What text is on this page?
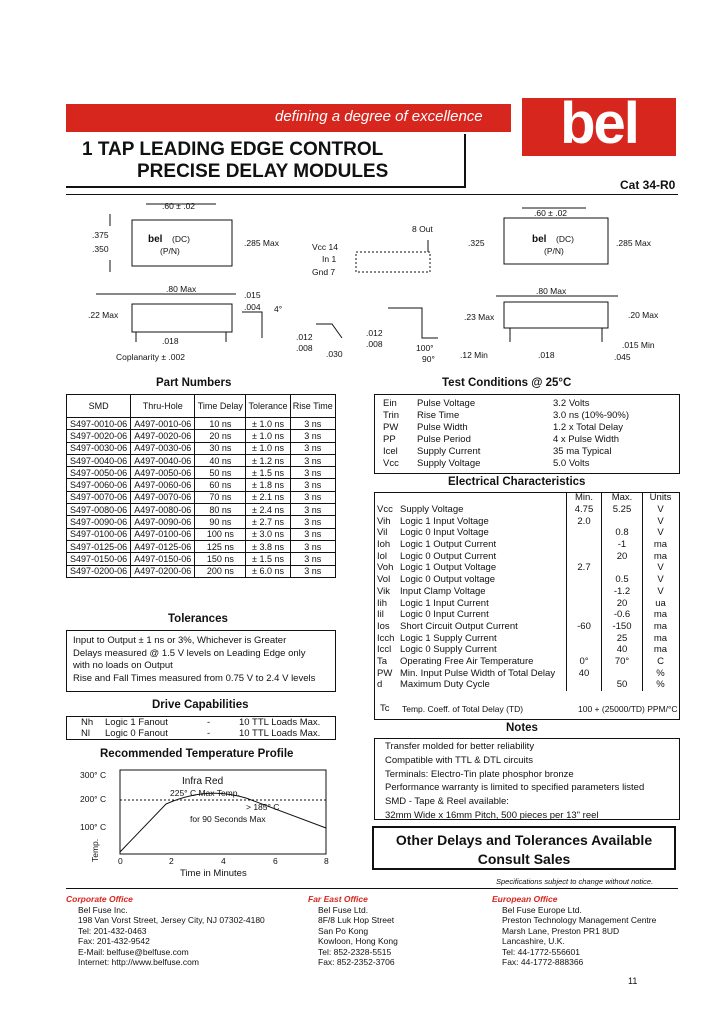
defining a degree of excellence	bel
1 TAP LEADING EDGE CONTROL
PRECISE DELAY MODULES
Cat 34-R0
.60 ± .02
.375
.350
bel (DC)
(P/N)
.285 Max
.80 Max
.22 Max
.018
Coplanarity ± .002
8 Out
Vcc 14
In 1
Gnd 7
.015
.004 4°
.012
.008
.030
.012
.008	100°
90°
.60 ± .02
.325	bel (DC)
(P/N)
.285 Max
.80 Max
.23 Max	.20 Max
.12 Min	.018
.015 Min
.045
Part Numbers
SMD	Thru-Hole	Time Delay	Tolerance	Rise Time
S497-0010-06	A497-0010-06	10 ns	± 1.0 ns	3 ns
S497-0020-06	A497-0020-06	20 ns	± 1.0 ns	3 ns
S497-0030-06	A497-0030-06	30 ns	± 1.0 ns	3 ns
S497-0040-06	A497-0040-06	40 ns	± 1.2 ns	3 ns
S497-0050-06	A497-0050-06	50 ns	± 1.5 ns	3 ns
S497-0060-06	A497-0060-06	60 ns	± 1.8 ns	3 ns
S497-0070-06	A497-0070-06	70 ns	± 2.1 ns	3 ns
S497-0080-06	A497-0080-06	80 ns	± 2.4 ns	3 ns
S497-0090-06	A497-0090-06	90 ns	± 2.7 ns	3 ns
S497-0100-06	A497-0100-06	100 ns	± 3.0 ns	3 ns
S497-0125-06	A497-0125-06	125 ns	± 3.8 ns	3 ns
S497-0150-06	A497-0150-06	150 ns	± 1.5 ns	3 ns
S497-0200-06	A497-0200-06	200 ns	± 6.0 ns	3 ns
Tolerances
Input to Output ± 1 ns or 3%, Whichever is Greater
Delays measured @ 1.5 V levels on Leading Edge only
with no loads on Output
Rise and Fall Times measured from 0.75 V to 2.4 V levels
Drive Capabilities
Nh Logic 1 Fanout	-	10 TTL Loads Max.
Nl Logic 0 Fanout	-	10 TTL Loads Max.
Recommended Temperature Profile
300° C
200° C
100° C
Temp. 0	2	4	6	8
Time in Minutes
Infra Red
225° C Max Temp.
> 185° C
for 90 Seconds Max
Test Conditions @ 25°C
Ein	Pulse Voltage	3.2 Volts
Trin	Rise Time	3.0 ns (10%-90%)
PW	Pulse Width	1.2 x Total Delay
PP	Pulse Period	4 x Pulse Width
Icel	Supply Current	35 ma Typical
Vcc	Supply Voltage	5.0 Volts
Electrical Characteristics
		Min.	Max.	Units
Vcc	Supply Voltage	4.75	5.25	V
Vih	Logic 1 Input Voltage	2.0		V
Vil	Logic 0 Input Voltage		0.8	V
Ioh	Logic 1 Output Current		-1	ma
Iol	Logic 0 Output Current		20	ma
Voh	Logic 1 Output Voltage	2.7		V
Vol	Logic 0 Output voltage		0.5	V
Vik	Input Clamp Voltage		-1.2	V
Iih	Logic 1 Input Current		20	ua
Iil	Logic 0 Input Current		-0.6	ma
Ios	Short Circuit Output Current	-60	-150	ma
Icch	Logic 1 Supply Current		25	ma
Iccl	Logic 0 Supply Current		40	ma
Ta	Operating Free Air Temperature	0°	70°	C
PW	Min. Input Pulse Width of Total Delay	40		%
d	Maximum Duty Cycle		50	%
Tc Temp. Coeff. of Total Delay (TD)	100 + (25000/TD) PPM/°C
Notes
Transfer molded for better reliability
Compatible with TTL & DTL circuits
Terminals: Electro-Tin plate phosphor bronze
Performance warranty is limited to specified parameters listed
SMD - Tape & Reel available:
32mm Wide x 16mm Pitch, 500 pieces per 13" reel
Other Delays and Tolerances Available
Consult Sales
Specifications subject to change without notice.
Corporate Office
Bel Fuse Inc.
198 Van Vorst Street, Jersey City, NJ 07302-4180
Tel: 201-432-0463
Fax: 201-432-9542
E-Mail: belfuse@belfuse.com
Internet: http://www.belfuse.com
Far East Office
Bel Fuse Ltd.
8F/8 Luk Hop Street
San Po Kong
Kowloon, Hong Kong
Tel: 852-2328-5515
Fax: 852-2352-3706
European Office
Bel Fuse Europe Ltd.
Preston Technology Management Centre
Marsh Lane, Preston PR1 8UD
Lancashire, U.K.
Tel: 44-1772-556601
Fax: 44-1772-888366
11
